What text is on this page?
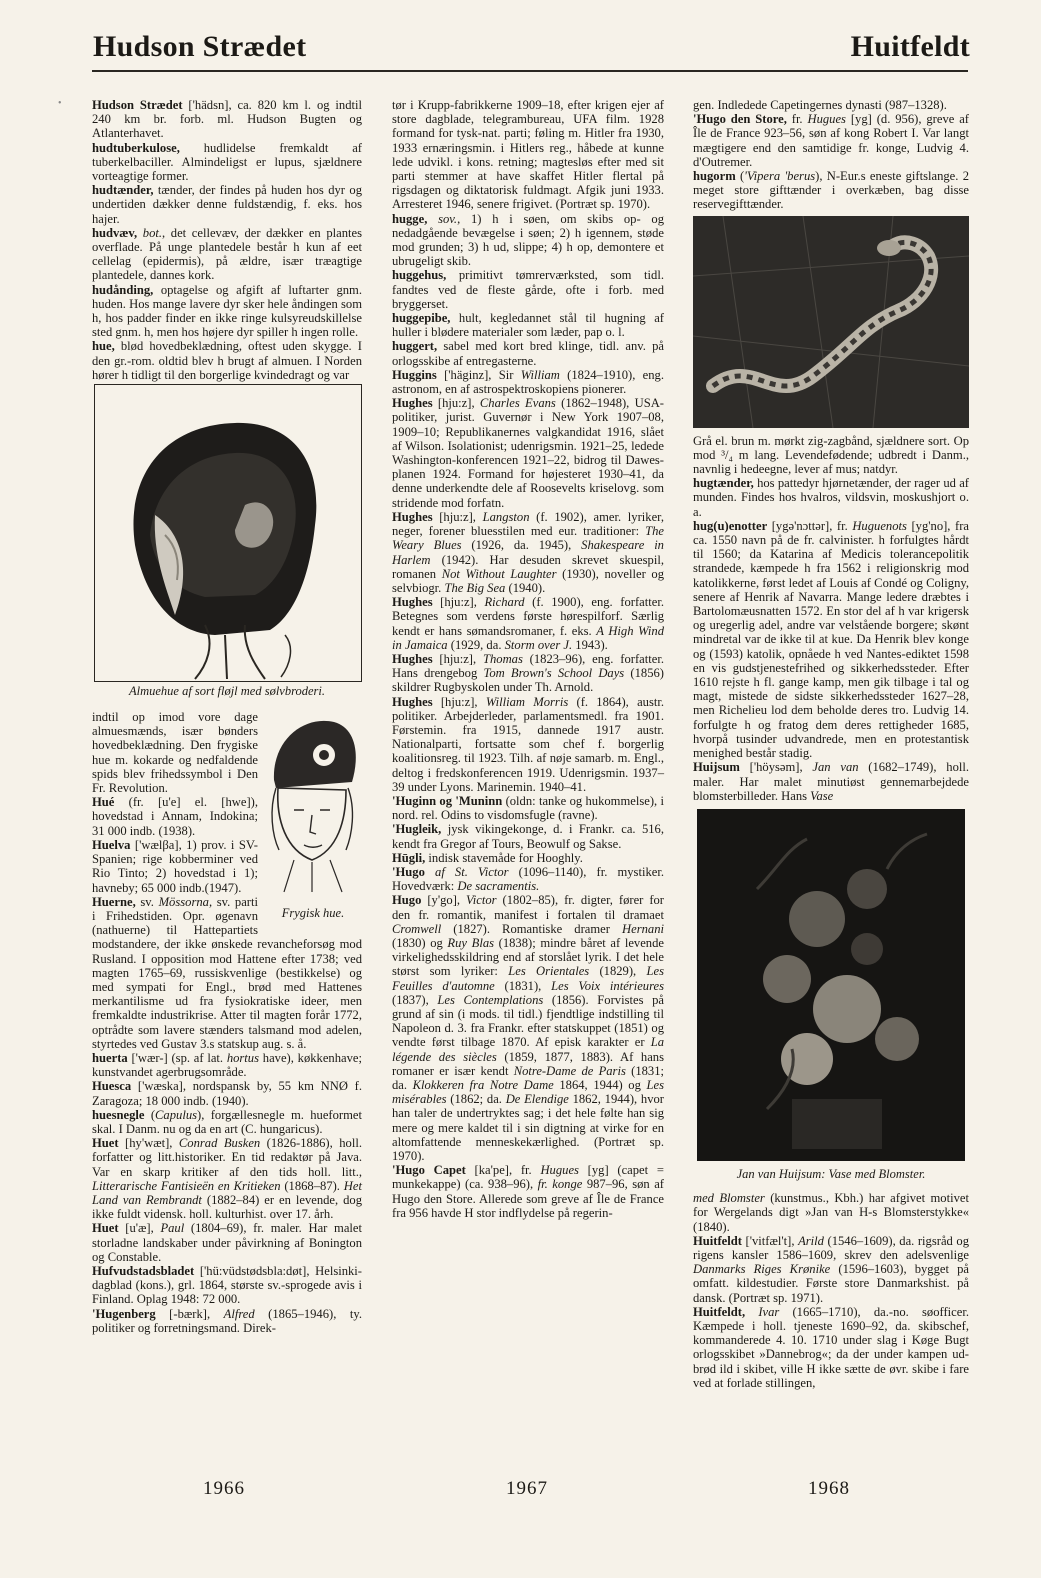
Hudson Strædet	Huitfeldt
• Hudson Strædet ['hädsn], ca. 820 km l. og indtil 240 km br. forb. ml. Hudson Bugten og Atlanterhavet.

hudtuberkulose, hudlidelse fremkaldt af tuberkelbaciller. Almindeligst er lupus, sjældnere vorteagtige former.

hudtænder, tænder, der findes på huden hos dyr og undertiden dækker denne fuldstændig, f. eks. hos hajer.

hudvæv, bot., det cellevæv, der dækker en plantes overflade. På unge plantedele består h kun af eet cellelag (epidermis), på ældre, især træagtige plantedele, dannes kork.

hudånding, optagelse og afgift af luftarter gnm. huden. Hos mange lavere dyr sker hele åndingen som h, hos padder finder en ikke ringe kulsyreudskillelse sted gnm. h, men hos højere dyr spiller h ingen rolle.

hue, blød hovedbeklædning, oftest uden skygge. I den gr.-rom. oldtid blev h brugt af almuen. I Norden hører h tidligt til den borgerlige kvindedragt og var

Almuehue af sort fløjl med sølvbroderi.
Frygisk hue.

indtil op imod vore dage almuesmænds, især bønders hovedbeklædning. Den frygiske hue m. kokarde og nedfaldende spids blev frihedssymbol i Den Fr. Revolution.

Hué (fr. [u'e] el. [hwe]), hovedstad i Annam, Indokina; 31 000 indb. (1938).

Huelva ['wælβa], 1) prov. i SV-Spanien; rige kobberminer ved Rio Tinto; 2) hovedstad i 1); havneby; 65 000 indb.(1947).

Huerne, sv. Mössorna, sv. parti i Frihedstiden. Opr. øgenavn (nathuerne) til Hattepartiets modstandere, der ikke ønskede revancheforsøg mod Rusland. I opposition mod Hattene efter 1738; ved magten 1765–69, russiskvenlige (bestikkelse) og med sympati for Engl., brød med Hattenes merkantilisme ud fra fysiokratiske ideer, men fremkaldte industrikrise. Atter til magten forår 1772, optrådte som lavere stænders talsmand mod adelen, styrtedes ved Gustav 3.s statskup aug. s. å.

huerta ['wær-] (sp. af lat. hortus have), køkkenhave; kunstvandet agerbrugsområde.

Huesca ['wæska], nordspansk by, 55 km NNØ f. Zaragoza; 18 000 indb. (1940).

huesnegle (Capulus), forgællesnegle m. hueformet skal. I Danm. nu og da en art (C. hungaricus).

Huet [hy'wæt], Conrad Busken (1826-1886), holl. forfatter og litt.historiker. En tid redaktør på Java. Var en skarp kritiker af den tids holl. litt., Litterarische Fantisieën en Kritieken (1868–87). Het Land van Rembrandt (1882–84) er en levende, dog ikke fuldt vidensk. holl. kulturhist. over 17. årh.

Huet [u'æ], Paul (1804–69), fr. maler. Har malet storladne landskaber under påvirkning af Bonington og Constable.

Hufvudstadsbladet ['hü:vüdstødsbla:døt], Helsinki-dagblad (kons.), grl. 1864, største sv.-sprogede avis i Finland. Oplag 1948: 72 000.

'Hugenberg [-bærk], Alfred (1865–1946), ty. politiker og forretningsmand. Direk-

tør i Krupp-fabrikkerne 1909–18, efter krigen ejer af store dagblade, telegrambureau, UFA film. 1928 formand for tysk-nat. parti; føling m. Hitler fra 1930, 1933 ernæringsmin. i Hitlers reg., håbede at kunne lede udvikl. i kons. retning; magtesløs efter med sit parti stemmer at have skaffet Hitler flertal på rigsdagen og diktatorisk fuldmagt. Afgik juni 1933. Arresteret 1946, senere frigivet. (Portræt sp. 1970).

hugge, sov., 1) h i søen, om skibs op- og nedadgående bevægelse i søen; 2) h igennem, støde mod grunden; 3) h ud, slippe; 4) h op, demontere et ubrugeligt skib.

huggehus, primitivt tømrerværksted, som tidl. fandtes ved de fleste gårde, ofte i forb. med bryggerset.

huggepibe, hult, kegledannet stål til hugning af huller i blødere materialer som læder, pap o. l.

huggert, sabel med kort bred klinge, tidl. anv. på orlogsskibe af entregasterne.

Huggins ['häginz], Sir William (1824–1910), eng. astronom, en af astrospektroskopiens pionerer.

Hughes [hju:z], Charles Evans (1862–1948), USA-politiker, jurist. Guvernør i New York 1907–08, 1909–10; Republikanernes valgkandidat 1916, slået af Wilson. Isolationist; udenrigsmin. 1921–25, ledede Washington-konferencen 1921–22, bidrog til Dawes-planen 1924. Formand for højesteret 1930–41, da denne underkendte dele af Roosevelts kriselovg. som stridende mod forfatn.

Hughes [hju:z], Langston (f. 1902), amer. lyriker, neger, forener bluesstilen med eur. traditioner: The Weary Blues (1926, da. 1945), Shakespeare in Harlem (1942). Har desuden skrevet skuespil, romanen Not Without Laughter (1930), noveller og selvbiogr. The Big Sea (1940).

Hughes [hju:z], Richard (f. 1900), eng. forfatter. Betegnes som verdens første hørespilforf. Særlig kendt er hans sømandsromaner, f. eks. A High Wind in Jamaica (1929, da. Storm over J. 1943).

Hughes [hju:z], Thomas (1823–96), eng. forfatter. Hans drengebog Tom Brown's School Days (1856) skildrer Rugbyskolen under Th. Arnold.

Hughes [hju:z], William Morris (f. 1864), austr. politiker. Arbejderleder, parlamentsmedl. fra 1901. Førstemin. fra 1915, dannede 1917 austr. Nationalparti, fortsatte som chef f. borgerlig koalitionsreg. til 1923. Tilh. af nøje samarb. m. Engl., deltog i fredskonferencen 1919. Udenrigsmin. 1937–39 under Lyons. Marinemin. 1940–41.

'Huginn og 'Muninn (oldn: tanke og hukommelse), i nord. rel. Odins to visdomsfugle (ravne).

'Hugleik, jysk vikingekonge, d. i Frankr. ca. 516, kendt fra Gregor af Tours, Beowulf og Sakse.

Hūgli, indisk stavemåde for Hooghly.

'Hugo af St. Victor (1096–1140), fr. mystiker. Hovedværk: De sacramentis.

Hugo [y'go], Victor (1802–85), fr. digter, fører for den fr. romantik, manifest i fortalen til dramaet Cromwell (1827). Romantiske dramer Hernani (1830) og Ruy Blas (1838); mindre båret af levende virkelighedsskildring end af storslået lyrik. I det hele størst som lyriker: Les Orientales (1829), Les Feuilles d'automne (1831), Les Voix intérieures (1837), Les Contemplations (1856). Forvistes på grund af sin (i mods. til tidl.) fjendtlige indstilling til Napoleon d. 3. fra Frankr. efter statskuppet (1851) og vendte først tilbage 1870. Af episk karakter er La légende des siècles (1859, 1877, 1883). Af hans romaner er især kendt Notre-Dame de Paris (1831; da. Klokkeren fra Notre Dame 1864, 1944) og Les misérables (1862; da. De Elendige 1862, 1944), hvor han taler de undertryktes sag; i det hele følte han sig mere og mere kaldet til i sin digtning at virke for en altomfattende menneskekærlighed. (Portræt sp. 1970).

'Hugo Capet [ka'pe], fr. Hugues [yg] (capet = munkekappe) (ca. 938–96), fr. konge 987–96, søn af Hugo den Store. Allerede som greve af Île de France fra 956 havde H stor indflydelse på regerin-

gen. Indledede Capetingernes dynasti (987–1328).

'Hugo den Store, fr. Hugues [yg] (d. 956), greve af Île de France 923–56, søn af kong Robert I. Var langt mægtigere end den samtidige fr. konge, Ludvig 4. d'Outremer.

hugorm ('Vipera 'berus), N-Eur.s eneste giftslange. 2 meget store gifttænder i overkæben, bag disse reservegifttænder.

Grå el. brun m. mørkt zig-zagbånd, sjældnere sort. Op mod ³/₄ m lang. Levendefødende; udbredt i Danm., navnlig i hedeegne, lever af mus; natdyr.

hugtænder, hos pattedyr hjørnetænder, der rager ud af munden. Findes hos hvalros, vildsvin, moskushjort o. a.

hug(u)enotter [ygə'nɔttər], fr. Huguenots [yg'no], fra ca. 1550 navn på de fr. calvinister. h forfulgtes hårdt til 1560; da Katarina af Medicis tolerancepolitik strandede, kæmpede h fra 1562 i religionskrig mod katolikkerne, først ledet af Louis af Condé og Coligny, senere af Henrik af Navarra. Mange ledere dræbtes i Bartolomæusnatten 1572. En stor del af h var krigersk og uregerlig adel, andre var velstående borgere; skønt mindretal var de ikke til at kue. Da Henrik blev konge og (1593) katolik, opnåede h ved Nantes-ediktet 1598 en vis gudstjenestefrihed og sikkerhedssteder. Efter 1610 rejste h fl. gange kamp, men gik tilbage i tal og magt, mistede de sidste sikkerhedssteder 1627–28, men Richelieu lod dem beholde deres tro. Ludvig 14. forfulgte h og fratog dem deres rettigheder 1685, hvorpå tusinder udvandrede, men en protestantisk menighed består stadig.

Huijsum ['höysəm], Jan van (1682–1749), holl. maler. Har malet minutiøst gennemarbejdede blomsterbilleder. Hans Vase

Jan van Huijsum: Vase med Blomster.

med Blomster (kunstmus., Kbh.) har afgivet motivet for Wergelands digt »Jan van H-s Blomsterstykke« (1840).

Huitfeldt ['vitfæl't], Arild (1546–1609), da. rigsråd og rigens kansler 1586–1609, skrev den adelsvenlige Danmarks Riges Krønike (1596–1603), bygget på omfatt. kildestudier. Første store Danmarkshist. på dansk. (Portræt sp. 1971).

Huitfeldt, Ivar (1665–1710), da.-no. søofficer. Kæmpede i holl. tjeneste 1690–92, da. skibschef, kommanderede 4. 10. 1710 under slag i Køge Bugt orlogsskibet »Dannebrog«; da der under kampen udbrød ild i skibet, ville H ikke sætte de øvr. skibe i fare ved at forlade stillingen,

1966	1967	1968
